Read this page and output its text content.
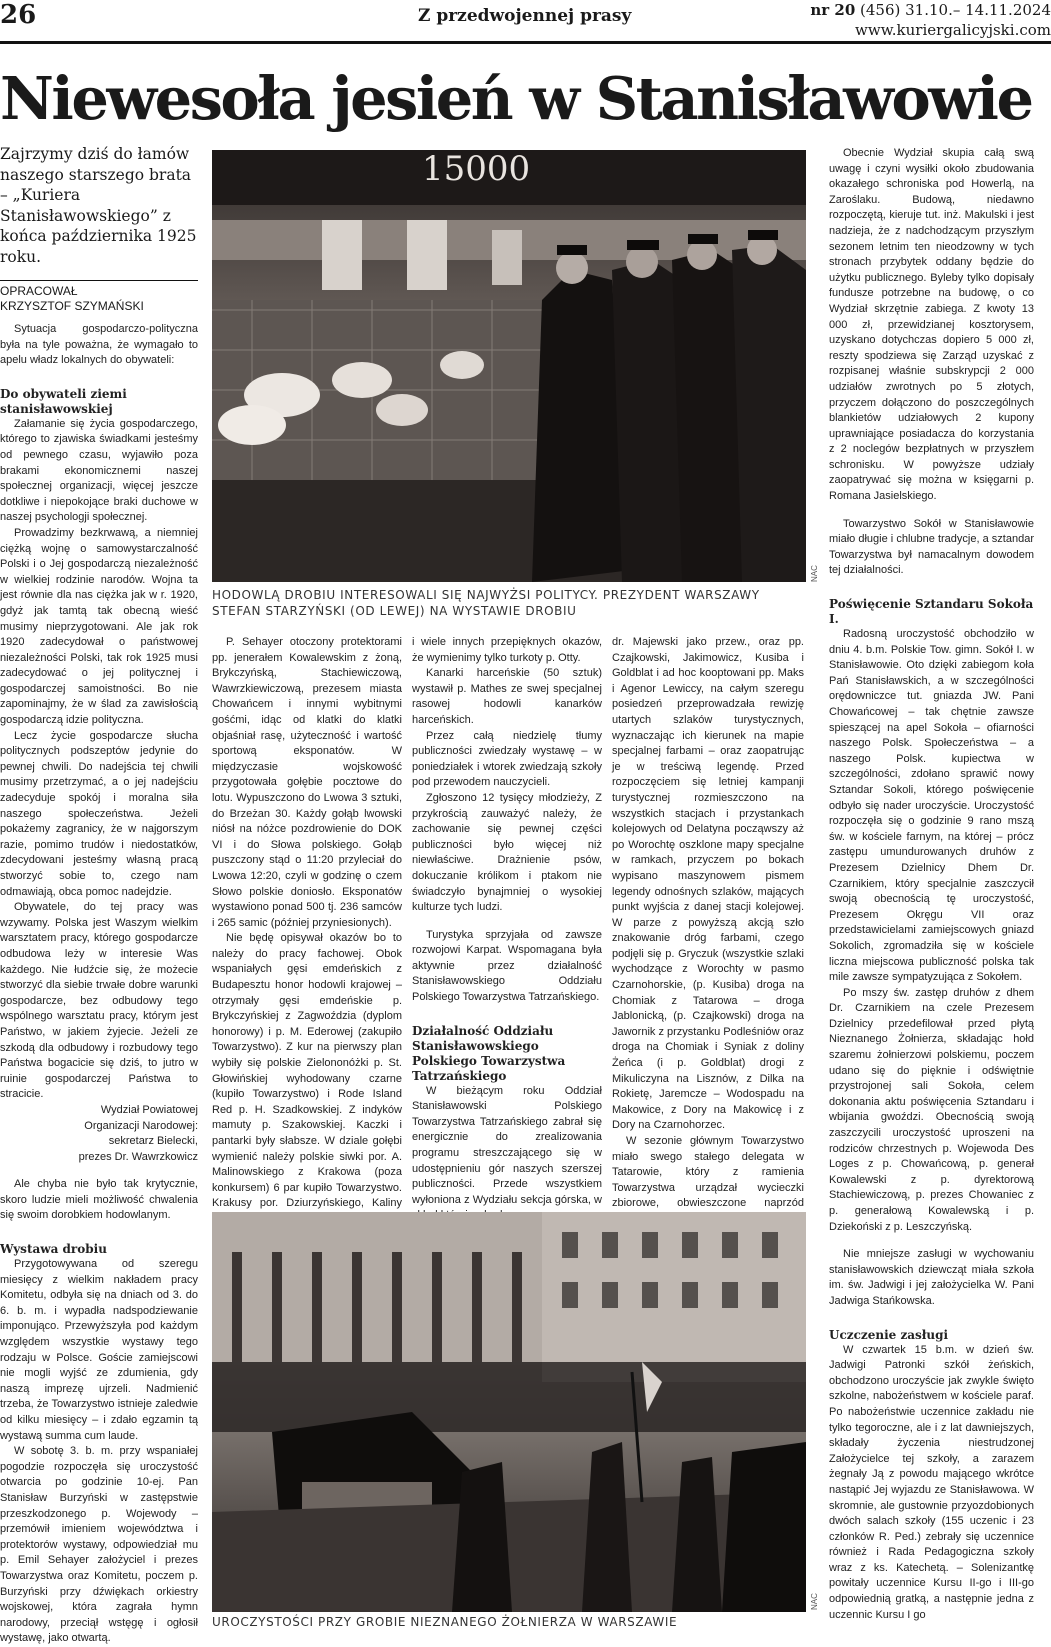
26	Z przedwojennej prasy	nr 20 (456) 31.10.– 14.11.2024
www.kuriergalicyjski.com
Niewesoła jesień w Stanisławowie
Zajrzymy dziś do łamów naszego starszego brata – „Kuriera Stanisławowskiego” z końca października 1925 roku.
OPRACOWAŁ
KRZYSZTOF SZYMAŃSKI

Sytuacja gospodarczo-polityczna była na tyle poważna, że wymagało to apelu władz lokalnych do obywateli:

Do obywateli ziemi stanisławowskiej

Załamanie się życia gospodarczego, którego to zjawiska świadkami jesteśmy od pewnego czasu, wyjawiło poza brakami ekonomicznemi naszej społecznej organizacji, więcej jeszcze dotkliwe i niepokojące braki duchowe w naszej psychologji społecznej.

Prowadzimy bezkrwawą, a niemniej ciężką wojnę o samowystarczalność Polski i o Jej gospodarczą niezależność w wielkiej rodzinie narodów. Wojna ta jest równie dla nas ciężka jak w r. 1920, gdyż jak tamtą tak obecną wieść musimy nieprzygotowani. Ale jak rok 1920 zadecydował o państwowej niezależności Polski, tak rok 1925 musi zadecydować o jej politycznej i gospodarczej samoistności. Bo nie zapominajmy, że w ślad za zawisłością gospodarczą idzie polityczna.

Lecz życie gospodarcze słucha politycznych podszeptów jedynie do pewnej chwili. Do nadejścia tej chwili musimy przetrzymać, a o jej nadejściu zadecyduje spokój i moralna siła naszego społeczeństwa. Jeżeli pokażemy zagranicy, że w najgorszym razie, pomimo trudów i niedostatków, zdecydowani jesteśmy własną pracą stworzyć sobie to, czego nam odmawiają, obca pomoc nadejdzie.

Obywatele, do tej pracy was wzywamy. Polska jest Waszym wielkim warsztatem pracy, którego gospodarcze odbudowa leży w interesie Was każdego. Nie łudźcie się, że możecie stworzyć dla siebie trwałe dobre warunki gospodarcze, bez odbudowy tego wspólnego warsztatu pracy, którym jest Państwo, w jakiem żyjecie. Jeżeli ze szkodą dla odbudowy i rozbudowy tego Państwa bogacicie się dziś, to jutro w ruinie gospodarczej Państwa to stracicie.

Wydział Powiatowej

Organizacji Narodowej:

sekretarz Bielecki,

prezes Dr. Wawrzkowicz

Ale chyba nie było tak krytycznie, skoro ludzie mieli możliwość chwalenia się swoim dorobkiem hodowlanym.

Wystawa drobiu

Przygotowywana od szeregu miesięcy z wielkim nakładem pracy Komitetu, odbyła się na dniach od 3. do 6. b. m. i wypadła nadspodziewanie imponująco. Przewyższyła pod każdym względem wszystkie wystawy tego rodzaju w Polsce. Goście zamiejscowi nie mogli wyjść ze zdumienia, gdy naszą imprezę ujrzeli. Nadmienić trzeba, że Towarzystwo istnieje zaledwie od kilku miesięcy – i zdało egzamin tą wystawą summa cum laude.

W sobotę 3. b. m. przy wspaniałej pogodzie rozpoczęła się uroczystość otwarcia po godzinie 10-ej. Pan Stanisław Burzyński w zastępstwie przeszkodzonego p. Wojewody – przemówił imieniem województwa i protektorów wystawy, odpowiedział mu p. Emil Sehayer założyciel i prezes Towarzystwa oraz Komitetu, poczem p. Burzyński przy dźwiękach orkiestry wojskowej, która zagrała hymn narodowy, przeciął wstęgę i ogłosił wystawę, jako otwartą.

15000
NAC
HODOWLĄ DROBIU INTERESOWALI SIĘ NAJWYŻSI POLITYCY. PREZYDENT WARSZAWY STEFAN STARZYŃSKI (OD LEWEJ) NA WYSTAWIE DROBIU

P. Sehayer otoczony protektorami pp. jenerałem Kowalewskim z żoną, Brykczyńską, Stachiewiczową, Wawrzkiewiczową, prezesem miasta Chowańcem i innymi wybitnymi gośćmi, idąc od klatki do klatki objaśniał rasę, użyteczność i wartość sportową eksponatów. W międzyczasie wojskowość przygotowała gołębie pocztowe do lotu. Wypuszczono do Lwowa 3 sztuki, do Brzeżan 30. Każdy gołąb lwowski niósł na nóżce pozdrowienie do DOK VI i do Słowa polskiego. Gołąb puszczony stąd o 11:20 przyleciał do Lwowa 12:20, czyli w godzinę o czem Słowo polskie doniosło. Eksponatów wystawiono ponad 500 tj. 236 samców i 265 samic (później przyniesionych).

Nie będę opisywał okazów bo to należy do pracy fachowej. Obok wspaniałych gęsi emdeńskich z Budapesztu honor hodowli krajowej – otrzymały gęsi emdeńskie p. Brykczyńskiej z Zagwoździa (dyplom honorowy) i p. M. Ederowej (zakupiło Towarzystwo). Z kur na pierwszy plan wybiły się polskie Zielononóżki p. St. Głowińskiej wyhodowany czarne (kupiło Towarzystwo) i Rode Island Red p. H. Szadkowskiej. Z indyków mamuty p. Szakowskiej. Kaczki i pantarki były słabsze. W dziale gołębi wymienić należy polskie siwki por. A. Malinowskiego z Krakowa (poza konkursem) 6 par kupiło Towarzystwo. Krakusy por. Dziurzyńskiego, Kaliny

i wiele innych przepięknych okazów, że wymienimy tylko turkoty p. Otty.

Kanarki harceńskie (50 sztuk) wystawił p. Mathes ze swej specjalnej rasowej hodowli kanarków harceńskich.

Przez całą niedzielę tłumy publiczności zwiedzały wystawę – w poniedziałek i wtorek zwiedzają szkoły pod przewodem nauczycieli.

Zgłoszono 12 tysięcy młodzieży, Z przykrością zauważyć należy, że zachowanie się pewnej części publiczności było więcej niż niewłaściwe. Drażnienie psów, dokuczanie królikom i ptakom nie świadczyło bynajmniej o wysokiej kulturze tych ludzi.

Turystyka sprzyjała od zawsze rozwojowi Karpat. Wspomagana była aktywnie przez działalność Stanisławowskiego Oddziału Polskiego Towarzystwa Tatrzańskiego.

Działalność Oddziału Stanisławowskiego Polskiego Towarzystwa Tatrzańskiego

W bieżącym roku Oddział Stanisławowski Polskiego Towarzystwa Tatrzańskiego zabrał się energicznie do zrealizowania programu streszczającego się w udostępnieniu gór naszych szerszej publiczności. Przede wszystkiem wyłoniona z Wydziału sekcja górska, w

dr. Majewski jako przew., oraz pp. Czajkowski, Jakimowicz, Kusiba i Goldblat i ad hoc kooptowani pp. Maks i Agenor Lewiccy, na całym szeregu posiedzeń przeprowadzała rewizję utartych szlaków turystycznych, wyznaczając ich kierunek na mapie specjalnej farbami – oraz zaopatrując je w treściwą legendę. Przed rozpoczęciem się letniej kampanji turystycznej rozmieszczono na wszystkich stacjach i przystankach kolejowych od Delatyna począwszy aż po Worochtę oszklone mapy specjalne w ramkach, przyczem po bokach wypisano maszynowem pismem legendy odnośnych szlaków, mających punkt wyjścia z danej stacji kolejowej. W parze z powyższą akcją szło znakowanie dróg farbami, czego podjęli się p. Gryczuk (wszystkie szlaki wychodzące z Worochty w pasmo Czarnohorskie, (p. Kusiba) droga na Chomiak z Tatarowa – droga Jablonicką, (p. Czajkowski) droga na Jawornik z przystanku Podleśniów oraz droga na Chomiak i Syniak z doliny Żeńca (i p. Goldblat) drogi z Mikuliczyna na Lisznów, z Dilka na Rokietę, Jaremcze – Wodospadu na Makowice, z Dory na Makowicę i z Dory na Czarnohorzec.

W sezonie głównym Towarzystwo miało swego stałego delegata w Tatarowie, który z ramienia Towarzystwa urządzał wycieczki zbiorowe, obwieszczone naprzód

Obecnie Wydział skupia całą swą uwagę i czyni wysiłki około zbudowania okazałego schroniska pod Howerlą, na Zaroślaku. Budową, niedawno rozpoczętą, kieruje tut. inż. Makulski i jest nadzieja, że z nadchodzącym przyszłym sezonem letnim ten nieodzowny w tych stronach przybytek oddany będzie do użytku publicznego. Byleby tylko dopisały fundusze potrzebne na budowę, o co Wydział skrzętnie zabiega. Z kwoty 13 000 zł, przewidzianej kosztorysem, uzyskano dotychczas dopiero 5 000 zł, reszty spodziewa się Zarząd uzyskać z rozpisanej właśnie subskrypcji 2 000 udziałów zwrotnych po 5 złotych, przyczem dołączono do poszczególnych blankietów udziałowych 2 kupony uprawniające posiadacza do korzystania z 2 noclegów bezpłatnych w przyszłem schronisku. W powyższe udziały zaopatrywać się można w księgarni p. Romana Jasielskiego.

Towarzystwo Sokół w Stanisławowie miało długie i chlubne tradycje, a sztandar Towarzystwa był namacalnym dowodem tej działalności.

Poświęcenie Sztandaru Sokoła I.

Radosną uroczystość obchodziło w dniu 4. b.m. Polskie Tow. gimn. Sokół I. w Stanisławowie. Oto dzięki zabiegom koła Pań Stanisławskich, a w szczególności orędowniczce tut. gniazda JW. Pani Chowańcowej – tak chętnie zawsze spieszącej na apel Sokoła – ofiarności naszego Polsk. Społeczeństwa – a naszego Polsk. kupiectwa w szczególności, zdołano sprawić nowy Sztandar Sokoli, którego poświęcenie odbyło się nader uroczyście. Uroczystość rozpoczęła się o godzinie 9 rano mszą św. w kościele farnym, na której – prócz zastępu umundurowanych druhów z Prezesem Dzielnicy Dhem Dr. Czarnikiem, który specjalnie zaszczycił swoją obecnością tę uroczystość, Prezesem Okręgu VII oraz przedstawicielami zamiejscowych gniazd Sokolich, zgromadziła się w kościele liczna miejscowa publiczność polska tak mile zawsze sympatyzująca z Sokołem.

Po mszy św. zastęp druhów z dhem Dr. Czarnikiem na czele Prezesem Dzielnicy przedefilował przed płytą Nieznanego Żołnierza, składając hołd szaremu żołnierzowi polskiemu, poczem udano się do pięknie i odświętnie przystrojonej sali Sokoła, celem dokonania aktu poświęcenia Sztandaru i wbijania gwoździ. Obecnością swoją zaszczycili uroczystość uproszeni na rodziców chrzestnych p. Wojewoda Des Loges z p. Chowańcową, p. generał Kowalewski z p. dyrektorową Stachiewiczową, p. prezes Chowaniec z p. generałową Kowalewską i p. Dziekoński z p. Leszczyńską.

Nie mniejsze zasługi w wychowaniu stanisławowskich dziewcząt miała szkoła im. św. Jadwigi i jej założycielka W. Pani Jadwiga Stańkowska.

Uczczenie zasługi

W czwartek 15 b.m. w dzień św. Jadwigi Patronki szkół żeńskich, obchodzono uroczyście jak zwykle święto szkolne, nabożeństwem w kościele paraf. Po nabożeństwie uczennice zakładu nie tylko tegoroczne, ale i z lat dawniejszych, składały życzenia niestrudzonej Założycielce tej szkoły, a zarazem żegnały Ją z powodu mającego wkrótce nastąpić Jej wyjazdu ze Stanisławowa. W skromnie, ale gustownie przyozdobionych dwóch salach szkoły (155 uczenic i 23 członków R. Ped.) zebrały się uczennice również i Rada Pedagogiczna szkoły wraz z ks. Katechetą. – Solenizantkę powitały uczennice Kursu II-go i III-go odpowiednią gratką, a następnie jedna z uczennic Kursu I go

NAC
UROCZYSTOŚCI PRZY GROBIE NIEZNANEGO ŻOŁNIERZA W WARSZAWIE
